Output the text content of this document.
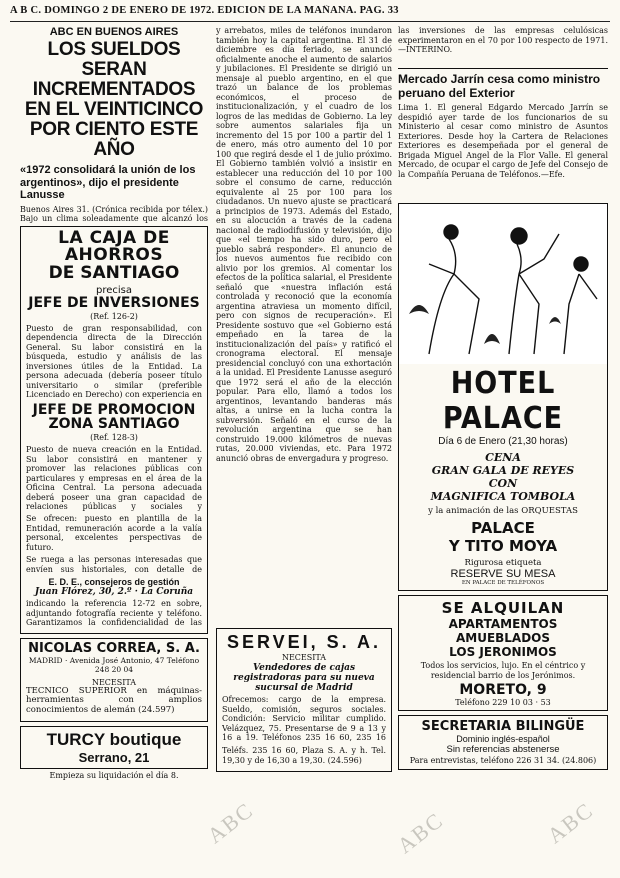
A B C. DOMINGO 2 DE ENERO DE 1972. EDICION DE LA MAÑANA. PAG. 33

ABC EN BUENOS AIRES

LOS SUELDOS SERAN INCREMENTADOS EN EL VEINTICINCO POR CIENTO ESTE AÑO

«1972 consolidará la unión de los argentinos», dijo el presidente Lanusse

Buenos Aires 31. (Crónica recibida por télex.) Bajo un clima soleadamente que alcanzó los

LA CAJA DE AHORROS

DE SANTIAGO

precisa

JEFE DE INVERSIONES

(Ref. 126-2)

Puesto de gran responsabilidad, con dependencia directa de la Dirección General. Su labor consistirá en la búsqueda, estudio y análisis de las inversiones útiles de la Entidad. La persona adecuada (debería poseer título universitario o similar (preferible Licenciado en Derecho) con experiencia en

JEFE DE PROMOCION

ZONA SANTIAGO

(Ref. 128-3)

Puesto de nueva creación en la Entidad. Su labor consistirá en mantener y promover las relaciones públicas con particulares y empresas en el área de la Oficina Central. La persona adecuada deberá poseer una gran capacidad de relaciones públicas y sociales y

Se ofrecen: puesto en plantilla de la Entidad, remuneración acorde a la valía personal, excelentes perspectivas de futuro.

Se ruega a las personas interesadas que envíen sus historiales, con detalle de

E. D. E., consejeros de gestión

Juan Flórez, 30, 2.º · La Coruña

indicando la referencia 12-72 en sobre, adjuntando fotografía reciente y teléfono. Garantizamos la confidencialidad de las

NICOLAS CORREA, S. A.

MADRID · Avenida José Antonio, 47 Teléfono 248 20 04

NECESITA

TECNICO SUPERIOR en máquinas-herramientas con amplios conocimientos de alemán (24.597)

TURCY boutique

Serrano, 21

Empieza su liquidación el día 8.

y arrebatos, miles de teléfonos inundaron también hoy la capital argentina. El 31 de diciembre es día feriado, se anunció oficialmente anoche el aumento de salarios y jubilaciones. El Presidente se dirigió un mensaje al pueblo argentino, en el que trazó un balance de los problemas económicos, el proceso de institucionalización, y el cuadro de los logros de las medidas de Gobierno. La ley sobre aumentos salariales fija un incremento del 15 por 100 a partir del 1 de enero, más otro aumento del 10 por 100 que regirá desde el 1 de julio próximo. El Gobierno también volvió a insistir en establecer una reducción del 10 por 100 sobre el consumo de carne, reducción equivalente al 25 por 100 para los ciudadanos. Un nuevo ajuste se practicará a principios de 1973. Además del Estado, en su alocución a través de la cadena nacional de radiodifusión y televisión, dijo que «el tiempo ha sido duro, pero el pueblo sabrá responder». El anuncio de los nuevos aumentos fue recibido con alivio por los gremios. Al comentar los efectos de la política salarial, el Presidente señaló que «nuestra inflación está controlada y reconoció que la economía argentina atraviesa un momento difícil, pero con signos de recuperación». El Presidente sostuvo que «el Gobierno está empeñado en la tarea de la institucionalización del país» y ratificó el cronograma electoral. El mensaje presidencial concluyó con una exhortación a la unidad. El Presidente Lanusse aseguró que 1972 será el año de la elección popular. Para ello, llamó a todos los argentinos, levantando banderas más altas, a unirse en la lucha contra la subversión. Señaló en el curso de la revolución argentina que se han construido 19.000 kilómetros de nuevas rutas, 20.000 viviendas, etc. Para 1972 anunció obras de envergadura y progreso.

SERVEI, S. A.

NECESITA

Vendedores de cajas registradoras para su nueva sucursal de Madrid

Ofrecemos: cargo de la empresa. Sueldo, comisión, seguros sociales. Condición: Servicio militar cumplido. Velázquez, 75. Presentarse de 9 a 13 y 16 a 19. Teléfonos 235 16 60, 235 16

Teléfs. 235 16 60, Plaza S. A. y h. Tel. 19,30 y de 16,30 a 19,30. (24.596)

las inversiones de las empresas celulósicas experimentaron en el 70 por 100 respecto de 1971.—INTERINO.

Mercado Jarrín cesa como ministro peruano del Exterior

Lima 1. El general Edgardo Mercado Jarrín se despidió ayer tarde de los funcionarios de su Ministerio al cesar como ministro de Asuntos Exteriores. Desde hoy la Cartera de Relaciones Exteriores es desempeñada por el general de Brigada Miguel Angel de la Flor Valle. El general Mercado, de ocupar el cargo de Jefe del Consejo de la Compañía Peruana de Teléfonos.—Efe.

HOTEL PALACE

Día 6 de Enero (21,30 horas)

CENA

GRAN GALA DE REYES

CON

MAGNIFICA TOMBOLA

y la animación de las ORQUESTAS

PALACE

Y TITO MOYA

Rigurosa etiqueta

RESERVE SU MESA

EN PALACE DE TELÉFONOS

SE ALQUILAN

APARTAMENTOS AMUEBLADOS

LOS JERONIMOS

Todos los servicios, lujo. En el céntrico y residencial barrio de los Jerónimos.

MORETO, 9

Teléfono 229 10 03 · 53

SECRETARIA BILINGÜE

Dominio inglés-español

Sin referencias abstenerse

Para entrevistas, teléfono 226 31 34. (24.806)

ABC	ABC	ABC
